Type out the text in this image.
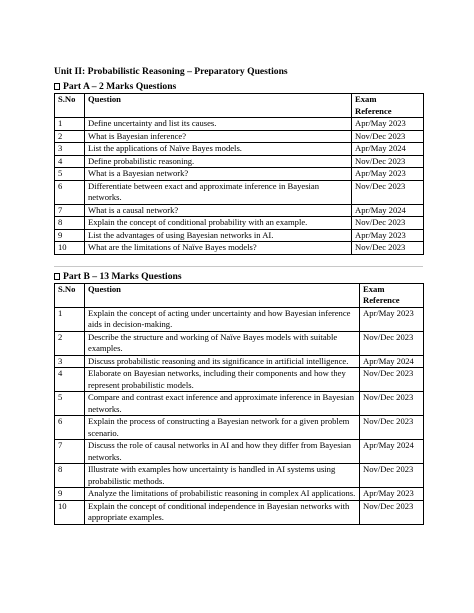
Unit II: Probabilistic Reasoning – Preparatory Questions

Part A – 2 Marks Questions

S.No	Question	Exam
Reference
1	Define uncertainty and list its causes.	Apr/May 2023
2	What is Bayesian inference?	Nov/Dec 2023
3	List the applications of Naïve Bayes models.	Apr/May 2024
4	Define probabilistic reasoning.	Nov/Dec 2023
5	What is a Bayesian network?	Apr/May 2023
6	Differentiate between exact and approximate inference in Bayesian networks.	Nov/Dec 2023
7	What is a causal network?	Apr/May 2024
8	Explain the concept of conditional probability with an example.	Nov/Dec 2023
9	List the advantages of using Bayesian networks in AI.	Apr/May 2023
10	What are the limitations of Naïve Bayes models?	Nov/Dec 2023

Part B – 13 Marks Questions

S.No	Question	Exam
Reference
1	Explain the concept of acting under uncertainty and how Bayesian inference aids in decision-making.	Apr/May 2023
2	Describe the structure and working of Naïve Bayes models with suitable examples.	Nov/Dec 2023
3	Discuss probabilistic reasoning and its significance in artificial intelligence.	Apr/May 2024
4	Elaborate on Bayesian networks, including their components and how they represent probabilistic models.	Nov/Dec 2023
5	Compare and contrast exact inference and approximate inference in Bayesian networks.	Nov/Dec 2023
6	Explain the process of constructing a Bayesian network for a given problem scenario.	Nov/Dec 2023
7	Discuss the role of causal networks in AI and how they differ from Bayesian networks.	Apr/May 2024
8	Illustrate with examples how uncertainty is handled in AI systems using probabilistic methods.	Nov/Dec 2023
9	Analyze the limitations of probabilistic reasoning in complex AI applications.	Apr/May 2023
10	Explain the concept of conditional independence in Bayesian networks with appropriate examples.	Nov/Dec 2023
